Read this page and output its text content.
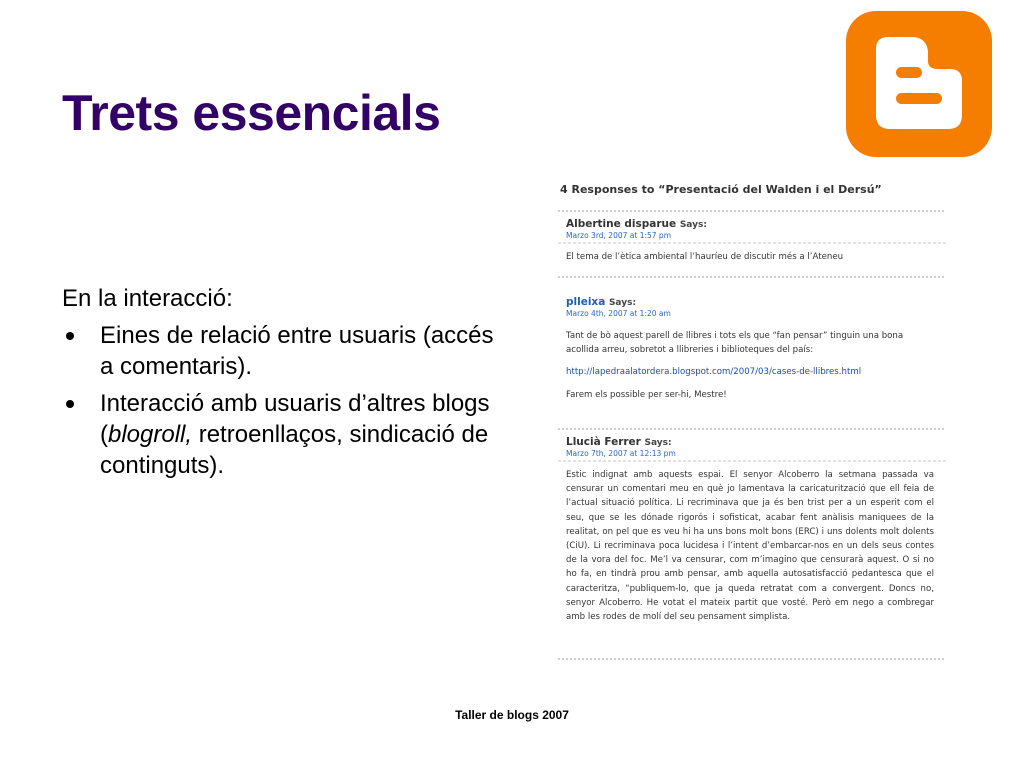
Trets essencials

En la interacció:

Eines de relació entre usuaris (accés a comentaris).
Interacció amb usuaris d’altres blogs (blogroll, retroenllaços, sindicació de continguts).
4 Responses to “Presentació del Walden i el Dersú”
Albertine disparue Says:
Marzo 3rd, 2007 at 1:57 pm

El tema de l’ètica ambiental l’hauríeu de discutir més a l’Ateneu

plleixa Says:
Marzo 4th, 2007 at 1:20 am

Tant de bò aquest parell de llibres i tots els que “fan pensar” tinguin una bona acollida arreu, sobretot a llibreries i biblioteques del país:

http://lapedraalatordera.blogspot.com/2007/03/cases-de-llibres.html

Farem els possible per ser-hi, Mestre!

Llucià Ferrer Says:
Marzo 7th, 2007 at 12:13 pm

Estic indignat amb aquests espai. El senyor Alcoberro la setmana passada va censurar un comentari meu en què jo lamentava la caricaturització que ell feia de l’actual situació política. Li recriminava que ja és ben trist per a un esperit com el seu, que se les dónade rigorós i sofisticat, acabar fent anàlisis maniquees de la realitat, on pel que es veu hi ha uns bons molt bons (ERC) i uns dolents molt dolents (CiU). Li recriminava poca lucidesa i l’intent d’embarcar-nos en un dels seus contes de la vora del foc. Me’l va censurar, com m’imagino que censurarà aquest. O si no ho fa, en tindrà prou amb pensar, amb aquella autosatisfacció pedantesca que el caracteritza, “publiquem-lo, que ja queda retratat com a convergent. Doncs no, senyor Alcoberro. He votat el mateix partit que vosté. Però em nego a combregar amb les rodes de molí del seu pensament simplista.

Taller de blogs 2007
